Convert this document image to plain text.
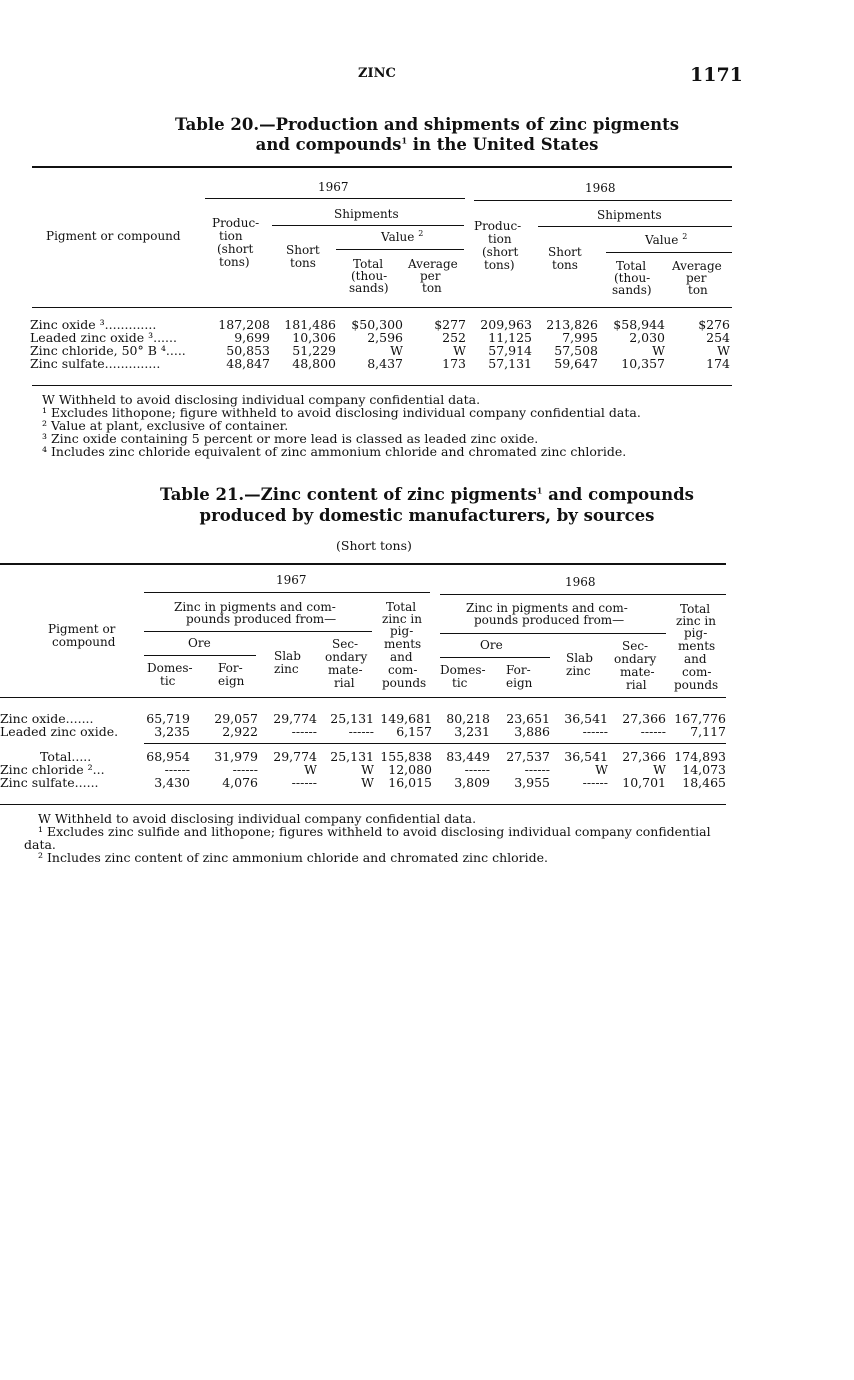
ZINC	1171
Table 20.—Production and shipments of zinc pigments
and compounds$^1$ in the United States
Pigment or compound
1967	1968
Produc-
tion
(short
tons)
Shipments
Short
tons
Value $^2$
Total
(thou-
sands)
Average
per
ton
Produc-
tion
(short
tons)
Shipments
Short
tons
Value $^2$
Total
(thou-
sands)
Average
per
ton
Zinc oxide ³.............	187,208 181,486 $50,300 $277 209,963 213,826 $58,944	$276
Leaded zinc oxide ³......	9,699 10,306 2,596	252 11,125 7,995 2,030	254
Zinc chloride, 50° B ⁴.....	50,853 51,229	W	W 57,914 57,508	W	W
Zinc sulfate..............	48,847 48,800 8,437	173 57,131 59,647 10,357	174
W Withheld to avoid disclosing individual company confidential data.
¹ Excludes lithopone; figure withheld to avoid disclosing individual company confidential data.
² Value at plant, exclusive of container.
³ Zinc oxide containing 5 percent or more lead is classed as leaded zinc oxide.
⁴ Includes zinc chloride equivalent of zinc ammonium chloride and chromated zinc chloride.
Table 21.—Zinc content of zinc pigments$^1$ and compounds
produced by domestic manufacturers, by sources
(Short tons)
Pigment or
compound
1967	1968
Zinc in pigments and com-
pounds produced from—
Ore
Domes-
tic
For-
eign
Slab
zinc
Sec-
ondary
mate-
rial
Total
zinc in
pig-
ments
and
com-
pounds
Zinc in pigments and com-
pounds produced from—
Ore
Domes-
tic
For-
eign
Slab
zinc
Sec-
ondary
mate-
rial
Total
zinc in
pig-
ments
and
com-
pounds
Zinc oxide.......	65,719 29,057 29,774 25,131 149,681 80,218 23,651 36,541 27,366 167,776
Leaded zinc oxide.	3,235	2,922	------	------ 6,157 3,231 3,886	------	------ 7,117
Total.....	68,954 31,979 29,774 25,131 155,838 83,449 27,537 36,541 27,366 174,893
Zinc chloride ²...	------	------	W	W 12,080	------	------	W	W 14,073
Zinc sulfate......	3,430	4,076	------	W 16,015 3,809 3,955	------ 10,701 18,465
W Withheld to avoid disclosing individual company confidential data.
¹ Excludes zinc sulfide and lithopone; figures withheld to avoid disclosing individual company confidential
data.
² Includes zinc content of zinc ammonium chloride and chromated zinc chloride.
